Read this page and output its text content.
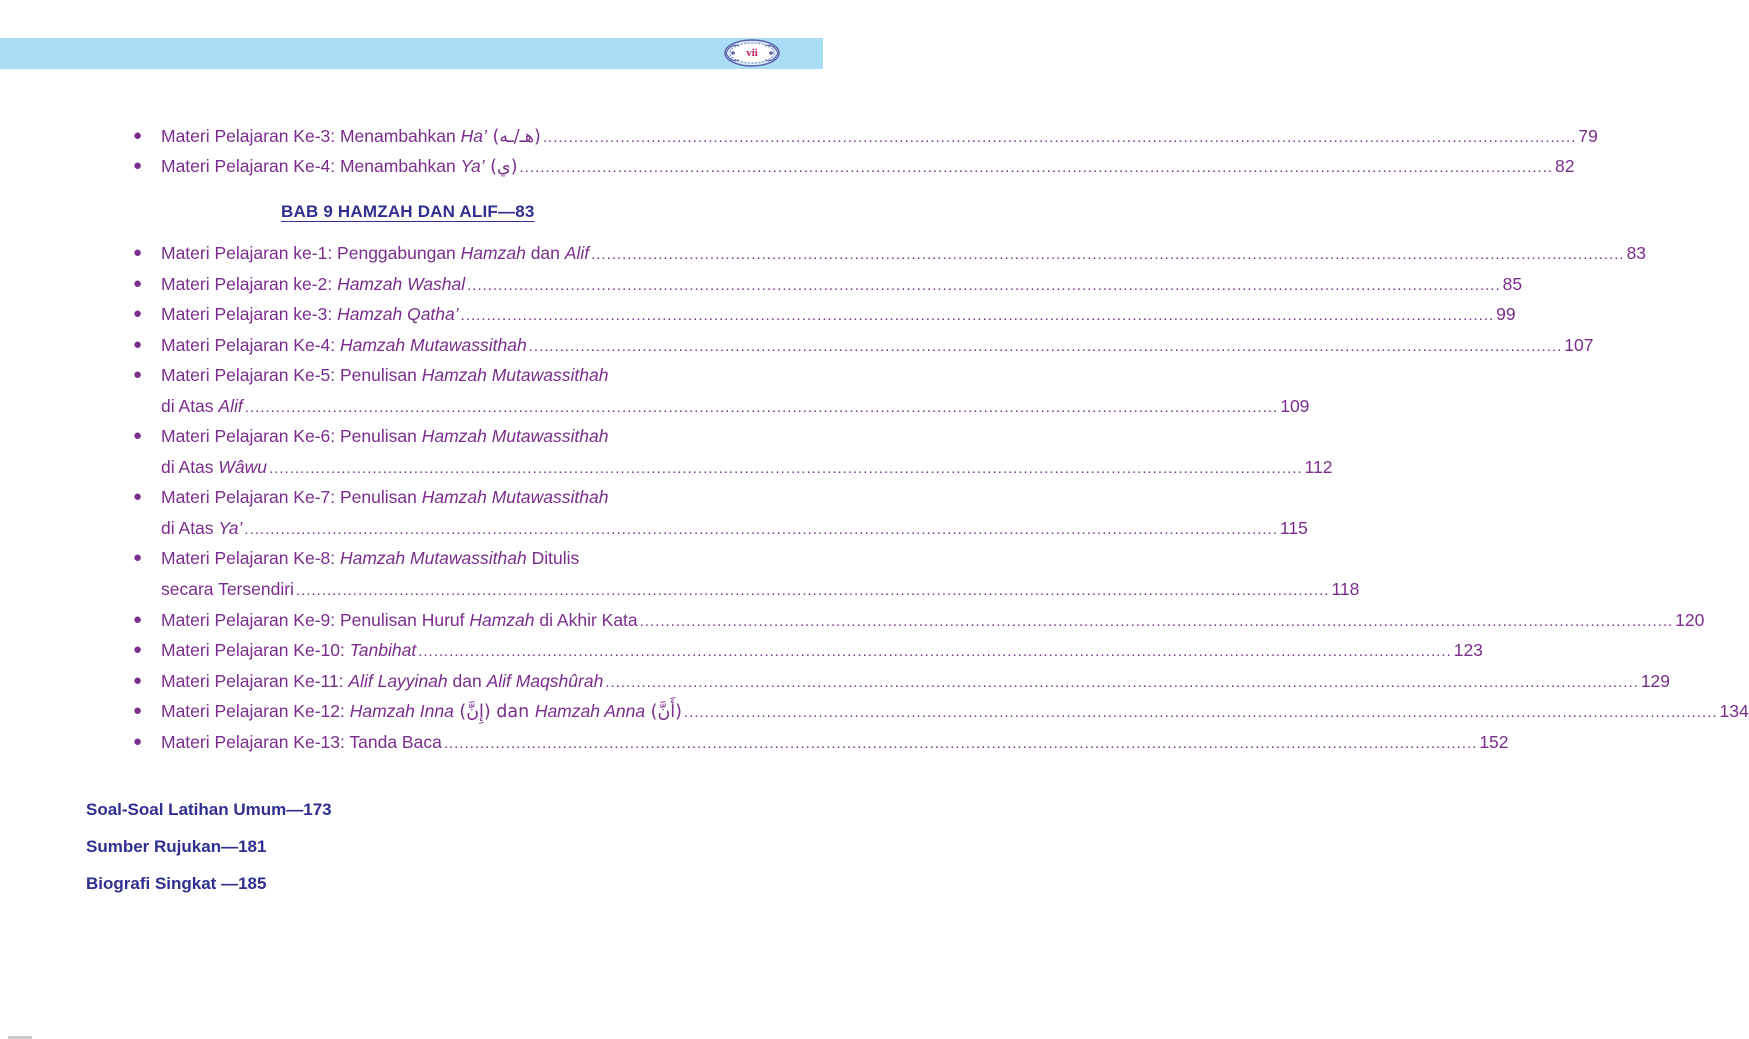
vii
● Materi Pelajaran Ke-3: Menambahkan Ha’ (هـ/ـه) ........................................................................................................................................................................................................ 79
● Materi Pelajaran Ke-4: Menambahkan Ya’ (ي) ........................................................................................................................................................................................................ 82
BAB 9 HAMZAH DAN ALIF—83
● Materi Pelajaran ke-1: Penggabungan Hamzah dan Alif ........................................................................................................................................................................................................ 83
● Materi Pelajaran ke-2: Hamzah Washal ........................................................................................................................................................................................................ 85
● Materi Pelajaran ke-3: Hamzah Qatha’ ........................................................................................................................................................................................................ 99
● Materi Pelajaran Ke-4: Hamzah Mutawassithah ........................................................................................................................................................................................................ 107
● Materi Pelajaran Ke-5: Penulisan Hamzah Mutawassithah
di Atas Alif ........................................................................................................................................................................................................ 109
● Materi Pelajaran Ke-6: Penulisan Hamzah Mutawassithah
di Atas Wâwu ........................................................................................................................................................................................................ 112
● Materi Pelajaran Ke-7: Penulisan Hamzah Mutawassithah
di Atas Ya’ ........................................................................................................................................................................................................ 115
● Materi Pelajaran Ke-8: Hamzah Mutawassithah Ditulis
secara Tersendiri ........................................................................................................................................................................................................ 118
● Materi Pelajaran Ke-9: Penulisan Huruf Hamzah di Akhir Kata ........................................................................................................................................................................................................ 120
● Materi Pelajaran Ke-10: Tanbihat ........................................................................................................................................................................................................ 123
● Materi Pelajaran Ke-11: Alif Layyinah dan Alif Maqshûrah ........................................................................................................................................................................................................ 129
● Materi Pelajaran Ke-12: Hamzah Inna (إِنَّ) dan Hamzah Anna (أَنَّ) ........................................................................................................................................................................................................ 134
● Materi Pelajaran Ke-13: Tanda Baca ........................................................................................................................................................................................................ 152
Soal-Soal Latihan Umum—173
Sumber Rujukan—181
Biografi Singkat —185
